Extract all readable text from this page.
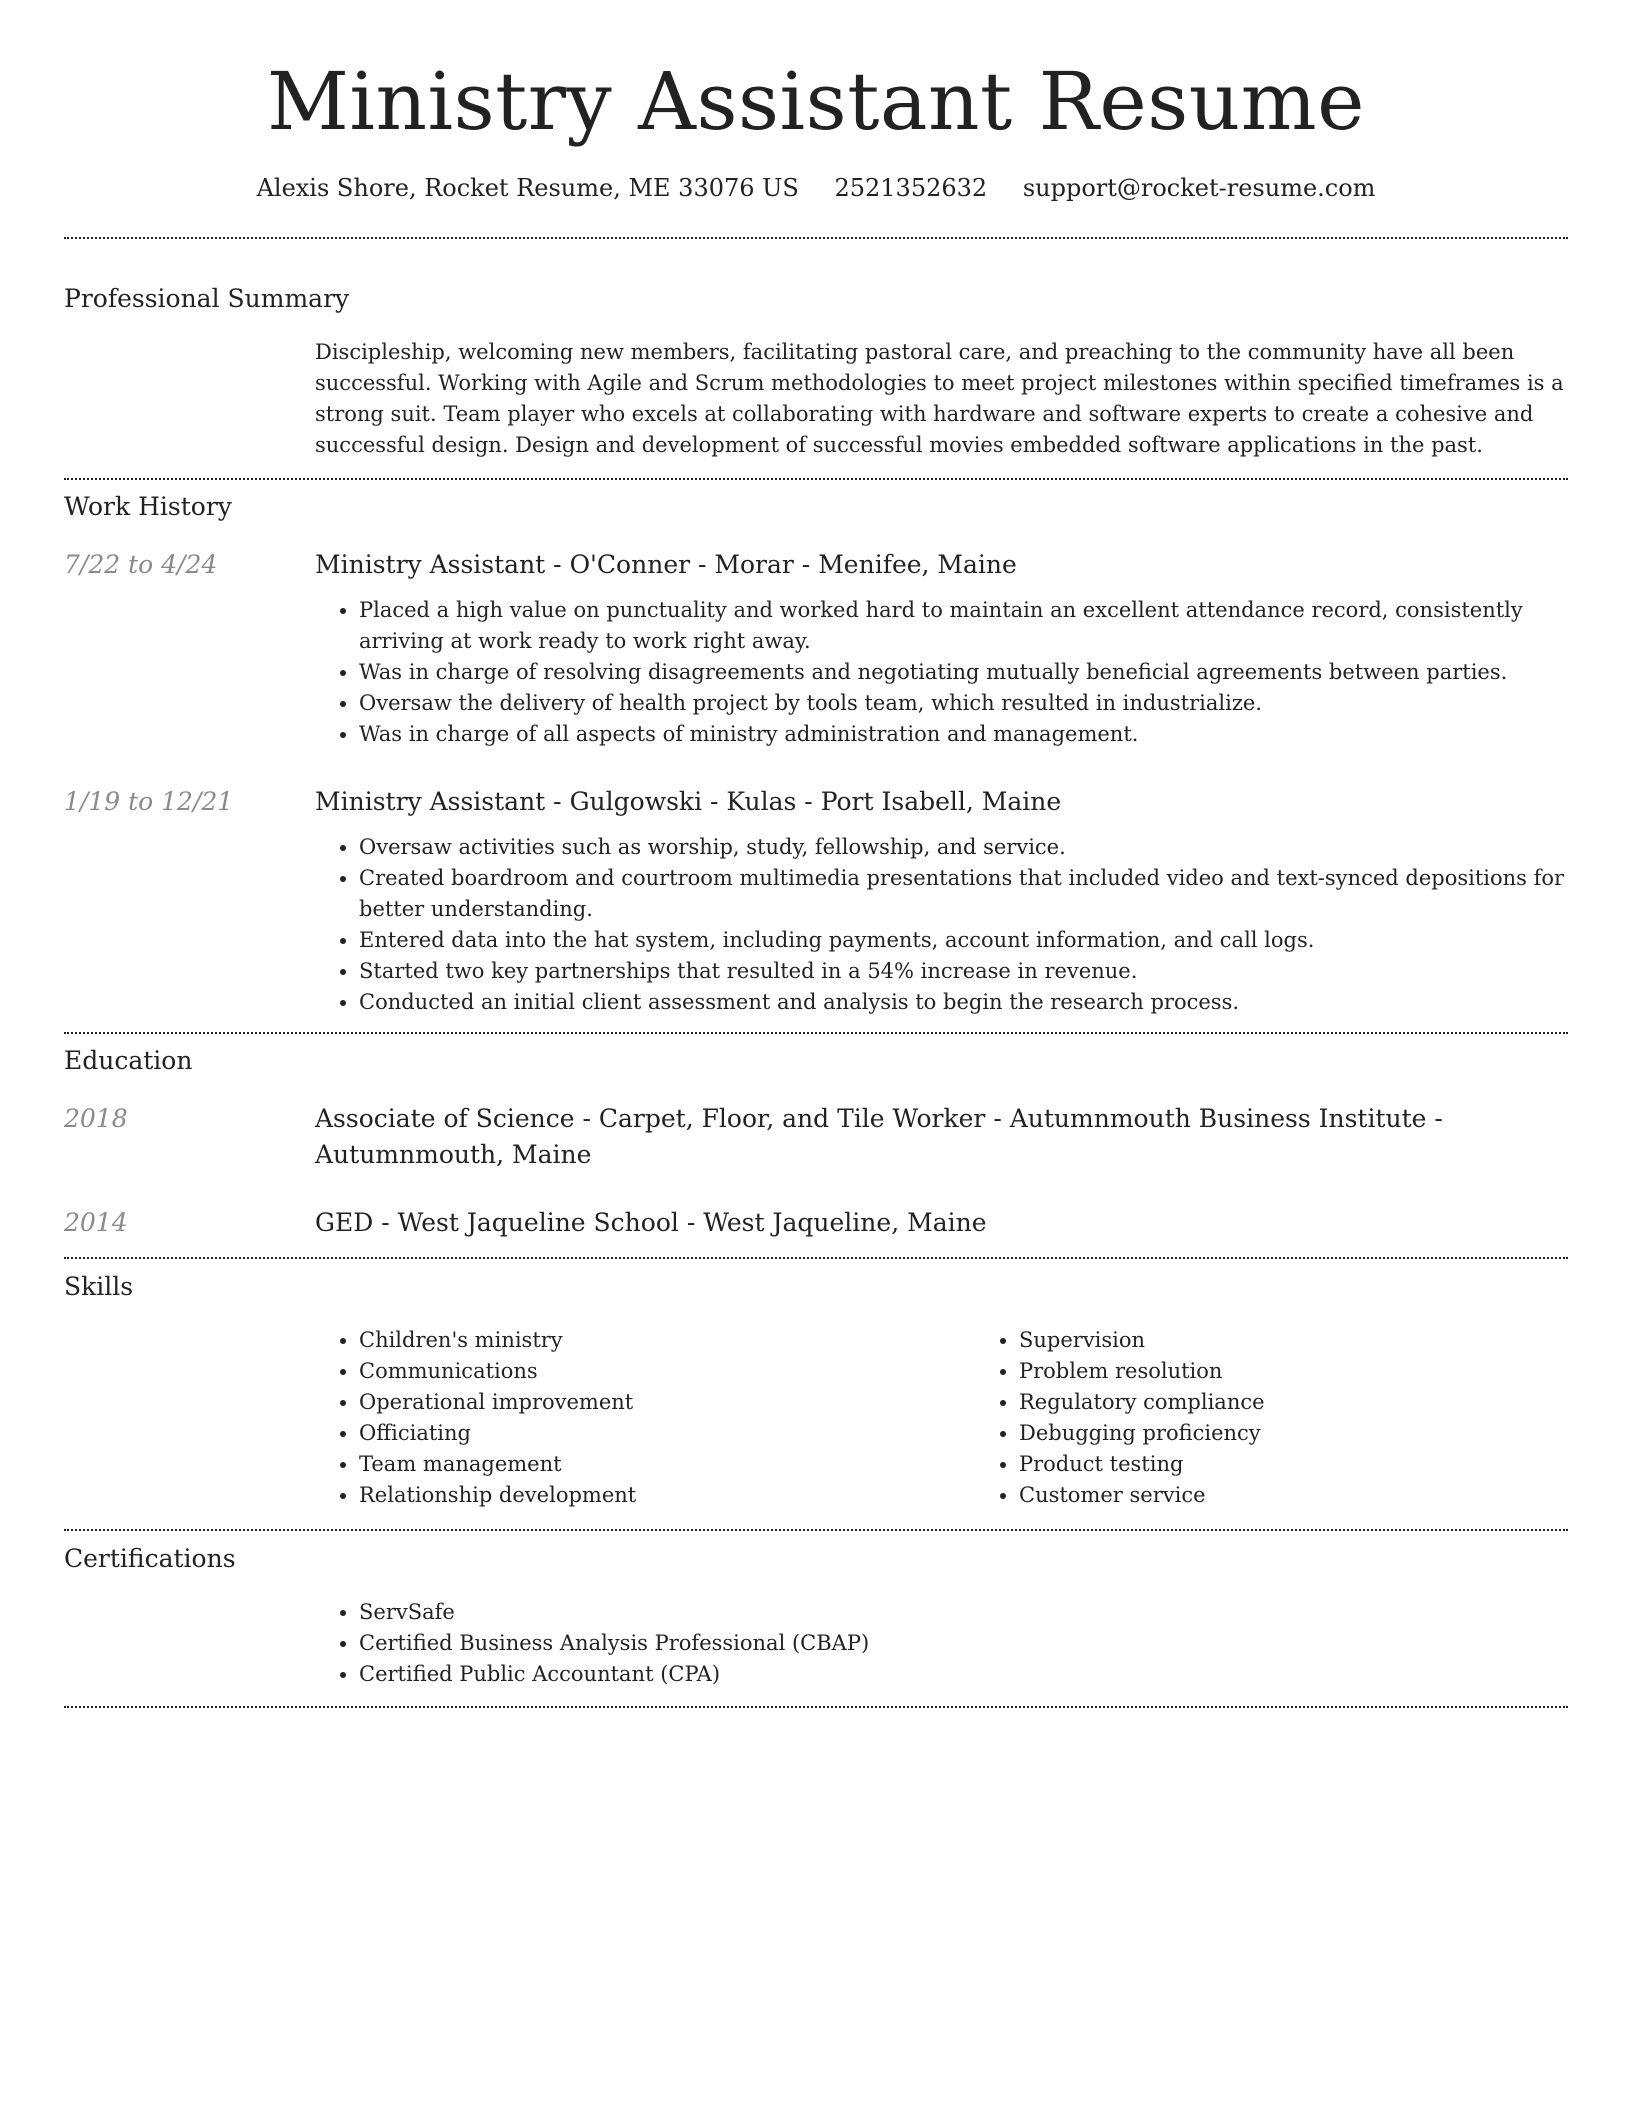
Ministry Assistant Resume
Alexis Shore, Rocket Resume, ME 33076 US 2521352632 support@rocket-resume.com
Professional Summary

Discipleship, welcoming new members, facilitating pastoral care, and preaching to the community have all been successful. Working with Agile and Scrum methodologies to meet project milestones within specified timeframes is a strong suit. Team player who excels at collaborating with hardware and software experts to create a cohesive and successful design. Design and development of successful movies embedded software applications in the past.

Work History
7/22 to 4/24	Ministry Assistant - O'Conner - Morar - Menifee, Maine
• Placed a high value on punctuality and worked hard to maintain an excellent attendance record, consistently arriving at work ready to work right away.
• Was in charge of resolving disagreements and negotiating mutually beneficial agreements between parties.
• Oversaw the delivery of health project by tools team, which resulted in industrialize.
• Was in charge of all aspects of ministry administration and management.
1/19 to 12/21	Ministry Assistant - Gulgowski - Kulas - Port Isabell, Maine
• Oversaw activities such as worship, study, fellowship, and service.
• Created boardroom and courtroom multimedia presentations that included video and text-synced depositions for better understanding.
• Entered data into the hat system, including payments, account information, and call logs.
• Started two key partnerships that resulted in a 54% increase in revenue.
• Conducted an initial client assessment and analysis to begin the research process.
Education
2018	Associate of Science - Carpet, Floor, and Tile Worker - Autumnmouth Business Institute - Autumnmouth, Maine
2014	GED - West Jaqueline School - West Jaqueline, Maine
Skills
• Children's ministry
• Communications
• Operational improvement
• Officiating
• Team management
• Relationship development
• Supervision
• Problem resolution
• Regulatory compliance
• Debugging proficiency
• Product testing
• Customer service
Certifications
• ServSafe
• Certified Business Analysis Professional (CBAP)
• Certified Public Accountant (CPA)
